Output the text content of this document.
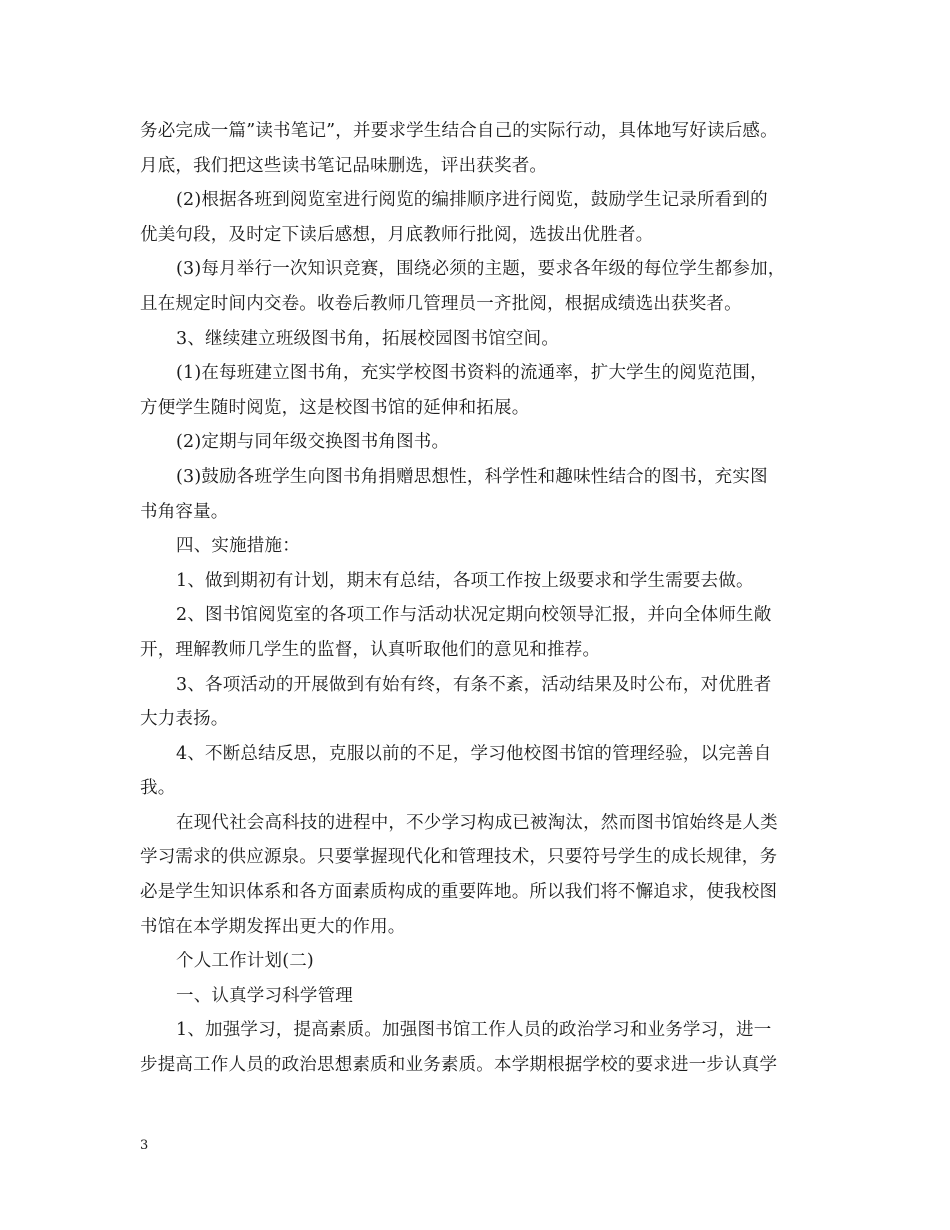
务必完成一篇”读书笔记”，并要求学生结合自己的实际行动，具体地写好读后感。
月底，我们把这些读书笔记品味删选，评出获奖者。
(2)根据各班到阅览室进行阅览的编排顺序进行阅览，鼓励学生记录所看到的
优美句段，及时定下读后感想，月底教师行批阅，选拔出优胜者。
(3)每月举行一次知识竞赛，围绕必须的主题，要求各年级的每位学生都参加，
且在规定时间内交卷。收卷后教师几管理员一齐批阅，根据成绩选出获奖者。
3、继续建立班级图书角，拓展校园图书馆空间。
(1)在每班建立图书角，充实学校图书资料的流通率，扩大学生的阅览范围，
方便学生随时阅览，这是校图书馆的延伸和拓展。
(2)定期与同年级交换图书角图书。
(3)鼓励各班学生向图书角捐赠思想性，科学性和趣味性结合的图书，充实图
书角容量。
四、实施措施：
1、做到期初有计划，期末有总结，各项工作按上级要求和学生需要去做。
2、图书馆阅览室的各项工作与活动状况定期向校领导汇报，并向全体师生敞
开，理解教师几学生的监督，认真听取他们的意见和推荐。
3、各项活动的开展做到有始有终，有条不紊，活动结果及时公布，对优胜者
大力表扬。
4、不断总结反思，克服以前的不足，学习他校图书馆的管理经验，以完善自
我。
在现代社会高科技的进程中，不少学习构成已被淘汰，然而图书馆始终是人类
学习需求的供应源泉。只要掌握现代化和管理技术，只要符号学生的成长规律，务
必是学生知识体系和各方面素质构成的重要阵地。所以我们将不懈追求，使我校图
书馆在本学期发挥出更大的作用。
个人工作计划(二)
一、认真学习科学管理
1、加强学习，提高素质。加强图书馆工作人员的政治学习和业务学习，进一
步提高工作人员的政治思想素质和业务素质。本学期根据学校的要求进一步认真学
3
